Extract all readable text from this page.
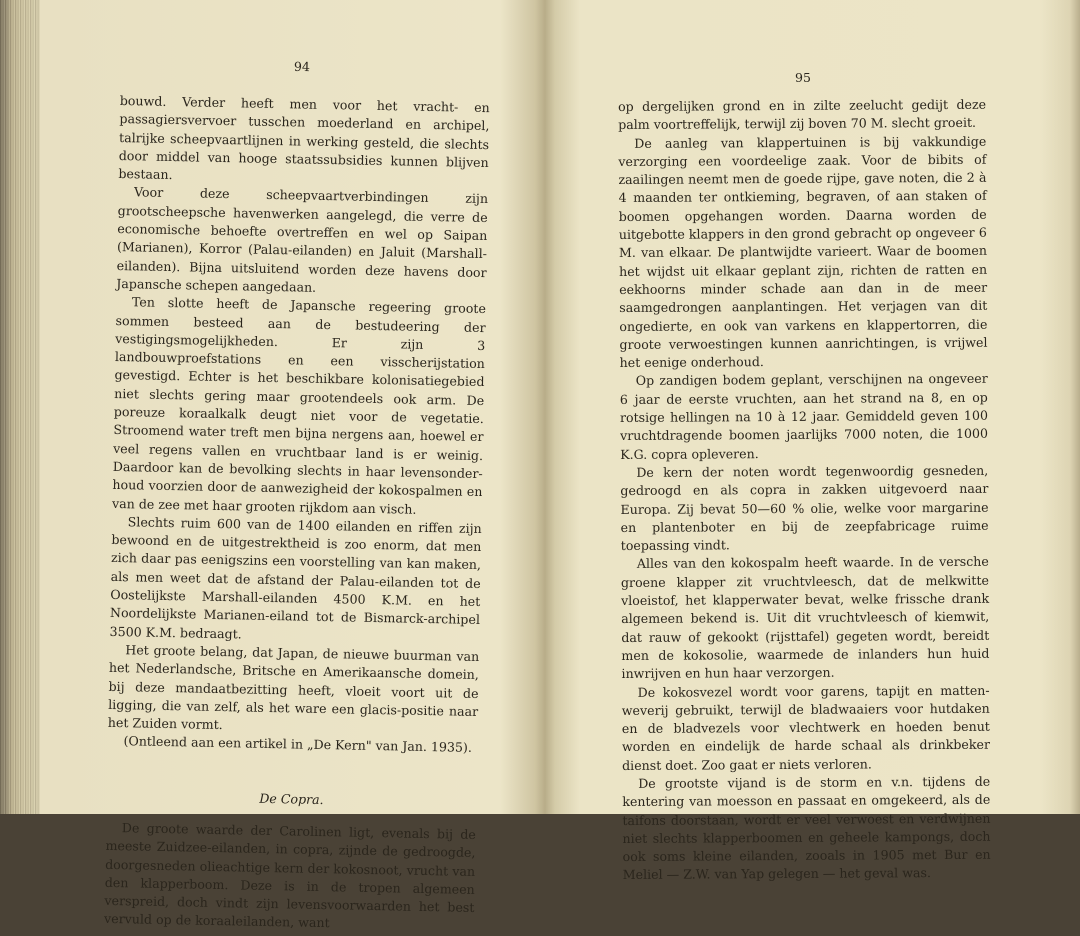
94
95

bouwd. Verder heeft men voor het vracht- en passagiersvervoer tusschen moederland en archipel, talrijke scheepvaartlijnen in werking gesteld, die slechts door middel van hooge staatssubsidies kunnen blijven bestaan.

Voor deze scheepvaartverbindingen zijn grootscheepsche havenwerken aangelegd, die verre de economische behoefte overtreffen en wel op Saipan (Marianen), Korror (Palau-eilanden) en Jaluit (Marshall-eilanden). Bijna uitsluitend worden deze havens door Japansche schepen aangedaan.

Ten slotte heeft de Japansche regeering groote sommen besteed aan de bestudeering der vestigingsmogelijkheden. Er zijn 3 landbouwproefstations en een visscherijstation gevestigd. Echter is het beschikbare kolonisatiegebied niet slechts gering maar grootendeels ook arm. De poreuze koraalkalk deugt niet voor de vegetatie. Stroomend water treft men bijna nergens aan, hoewel er veel regens vallen en vruchtbaar land is er weinig. Daardoor kan de bevolking slechts in haar levensonderhoud voorzien door de aanwezigheid der kokospalmen en van de zee met haar grooten rijkdom aan visch.

Slechts ruim 600 van de 1400 eilanden en riffen zijn bewoond en de uitgestrektheid is zoo enorm, dat men zich daar pas eenigszins een voorstelling van kan maken, als men weet dat de afstand der Palau-eilanden tot de Oostelijkste Marshall-eilanden 4500 K.M. en het Noordelijkste Marianen-eiland tot de Bismarck-archipel 3500 K.M. bedraagt.

Het groote belang, dat Japan, de nieuwe buurman van het Nederlandsche, Britsche en Amerikaansche domein, bij deze mandaatbezitting heeft, vloeit voort uit de ligging, die van zelf, als het ware een glacis-positie naar het Zuiden vormt.

(Ontleend aan een artikel in „De Kern" van Jan. 1935).

De Copra.

De groote waarde der Carolinen ligt, evenals bij de meeste Zuidzee-eilanden, in copra, zijnde de gedroogde, doorgesneden olieachtige kern der kokosnoot, vrucht van den klapperboom. Deze is in de tropen algemeen verspreid, doch vindt zijn levensvoorwaarden het best vervuld op de koraaleilanden, want

op dergelijken grond en in zilte zeelucht gedijt deze palm voortreffelijk, terwijl zij boven 70 M. slecht groeit.

De aanleg van klappertuinen is bij vakkundige verzorging een voordeelige zaak. Voor de bibits of zaailingen neemt men de goede rijpe, gave noten, die 2 à 4 maanden ter ontkieming, begraven, of aan staken of boomen opgehangen worden. Daarna worden de uitgebotte klappers in den grond gebracht op ongeveer 6 M. van elkaar. De plantwijdte varieert. Waar de boomen het wijdst uit elkaar geplant zijn, richten de ratten en eekhoorns minder schade aan dan in de meer saamgedrongen aanplantingen. Het verjagen van dit ongedierte, en ook van varkens en klappertorren, die groote verwoestingen kunnen aanrichtingen, is vrijwel het eenige onderhoud.

Op zandigen bodem geplant, verschijnen na ongeveer 6 jaar de eerste vruchten, aan het strand na 8, en op rotsige hellingen na 10 à 12 jaar. Gemiddeld geven 100 vruchtdragende boomen jaarlijks 7000 noten, die 1000 K.G. copra opleveren.

De kern der noten wordt tegenwoordig gesneden, gedroogd en als copra in zakken uitgevoerd naar Europa. Zij bevat 50—60 % olie, welke voor margarine en plantenboter en bij de zeepfabricage ruime toepassing vindt.

Alles van den kokospalm heeft waarde. In de versche groene klapper zit vruchtvleesch, dat de melkwitte vloeistof, het klapperwater bevat, welke frissche drank algemeen bekend is. Uit dit vruchtvleesch of kiemwit, dat rauw of gekookt (rijsttafel) gegeten wordt, bereidt men de kokosolie, waarmede de inlanders hun huid inwrijven en hun haar verzorgen.

De kokosvezel wordt voor garens, tapijt en matten-weverij gebruikt, terwijl de bladwaaiers voor hutdaken en de bladvezels voor vlechtwerk en hoeden benut worden en eindelijk de harde schaal als drinkbeker dienst doet. Zoo gaat er niets verloren.

De grootste vijand is de storm en v.n. tijdens de kentering van moesson en passaat en omgekeerd, als de taifons doorstaan, wordt er veel verwoest en verdwijnen niet slechts klapperboomen en geheele kampongs, doch ook soms kleine eilanden, zooals in 1905 met Bur en Meliel — Z.W. van Yap gelegen — het geval was.
